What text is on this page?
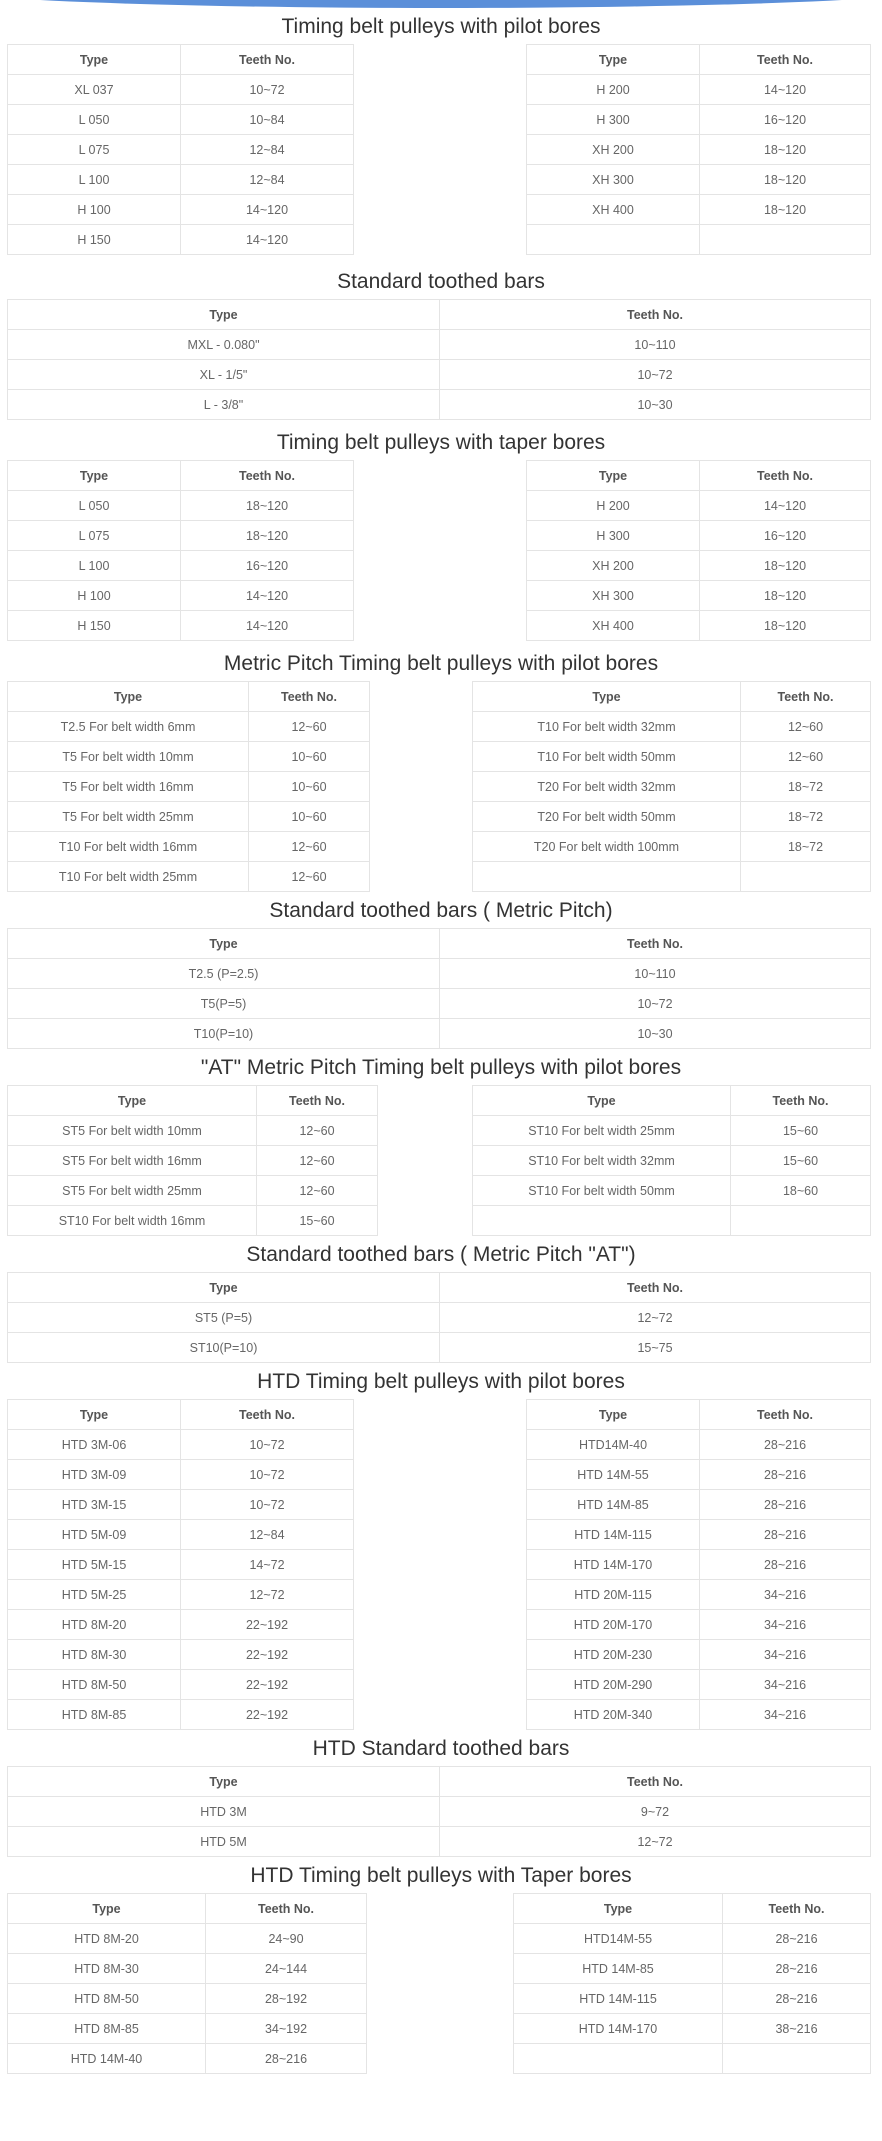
Timing belt pulleys with pilot bores
Type	Teeth No.		Type	Teeth No.
XL 037	10~72		H 200	14~120
L 050	10~84		H 300	16~120
L 075	12~84		XH 200	18~120
L 100	12~84		XH 300	18~120
H 100	14~120		XH 400	18~120
H 150	14~120			
Standard toothed bars
Type	Teeth No.
MXL - 0.080"	10~110
XL - 1/5"	10~72
L - 3/8"	10~30
Timing belt pulleys with taper bores
Type	Teeth No.		Type	Teeth No.
L 050	18~120		H 200	14~120
L 075	18~120		H 300	16~120
L 100	16~120		XH 200	18~120
H 100	14~120		XH 300	18~120
H 150	14~120		XH 400	18~120
Metric Pitch Timing belt pulleys with pilot bores
Type	Teeth No.		Type	Teeth No.
T2.5 For belt width 6mm	12~60		T10 For belt width 32mm	12~60
T5 For belt width 10mm	10~60		T10 For belt width 50mm	12~60
T5 For belt width 16mm	10~60		T20 For belt width 32mm	18~72
T5 For belt width 25mm	10~60		T20 For belt width 50mm	18~72
T10 For belt width 16mm	12~60		T20 For belt width 100mm	18~72
T10 For belt width 25mm	12~60			
Standard toothed bars ( Metric Pitch)
Type	Teeth No.
T2.5 (P=2.5)	10~110
T5(P=5)	10~72
T10(P=10)	10~30
"AT" Metric Pitch Timing belt pulleys with pilot bores
Type	Teeth No.		Type	Teeth No.
ST5 For belt width 10mm	12~60		ST10 For belt width 25mm	15~60
ST5 For belt width 16mm	12~60		ST10 For belt width 32mm	15~60
ST5 For belt width 25mm	12~60		ST10 For belt width 50mm	18~60
ST10 For belt width 16mm	15~60			
Standard toothed bars ( Metric Pitch "AT")
Type	Teeth No.
ST5 (P=5)	12~72
ST10(P=10)	15~75
HTD Timing belt pulleys with pilot bores
Type	Teeth No.		Type	Teeth No.
HTD 3M-06	10~72		HTD14M-40	28~216
HTD 3M-09	10~72		HTD 14M-55	28~216
HTD 3M-15	10~72		HTD 14M-85	28~216
HTD 5M-09	12~84		HTD 14M-115	28~216
HTD 5M-15	14~72		HTD 14M-170	28~216
HTD 5M-25	12~72		HTD 20M-115	34~216
HTD 8M-20	22~192		HTD 20M-170	34~216
HTD 8M-30	22~192		HTD 20M-230	34~216
HTD 8M-50	22~192		HTD 20M-290	34~216
HTD 8M-85	22~192		HTD 20M-340	34~216
HTD Standard toothed bars
Type	Teeth No.
HTD 3M	9~72
HTD 5M	12~72
HTD Timing belt pulleys with Taper bores
Type	Teeth No.		Type	Teeth No.
HTD 8M-20	24~90		HTD14M-55	28~216
HTD 8M-30	24~144		HTD 14M-85	28~216
HTD 8M-50	28~192		HTD 14M-115	28~216
HTD 8M-85	34~192		HTD 14M-170	38~216
HTD 14M-40	28~216			
